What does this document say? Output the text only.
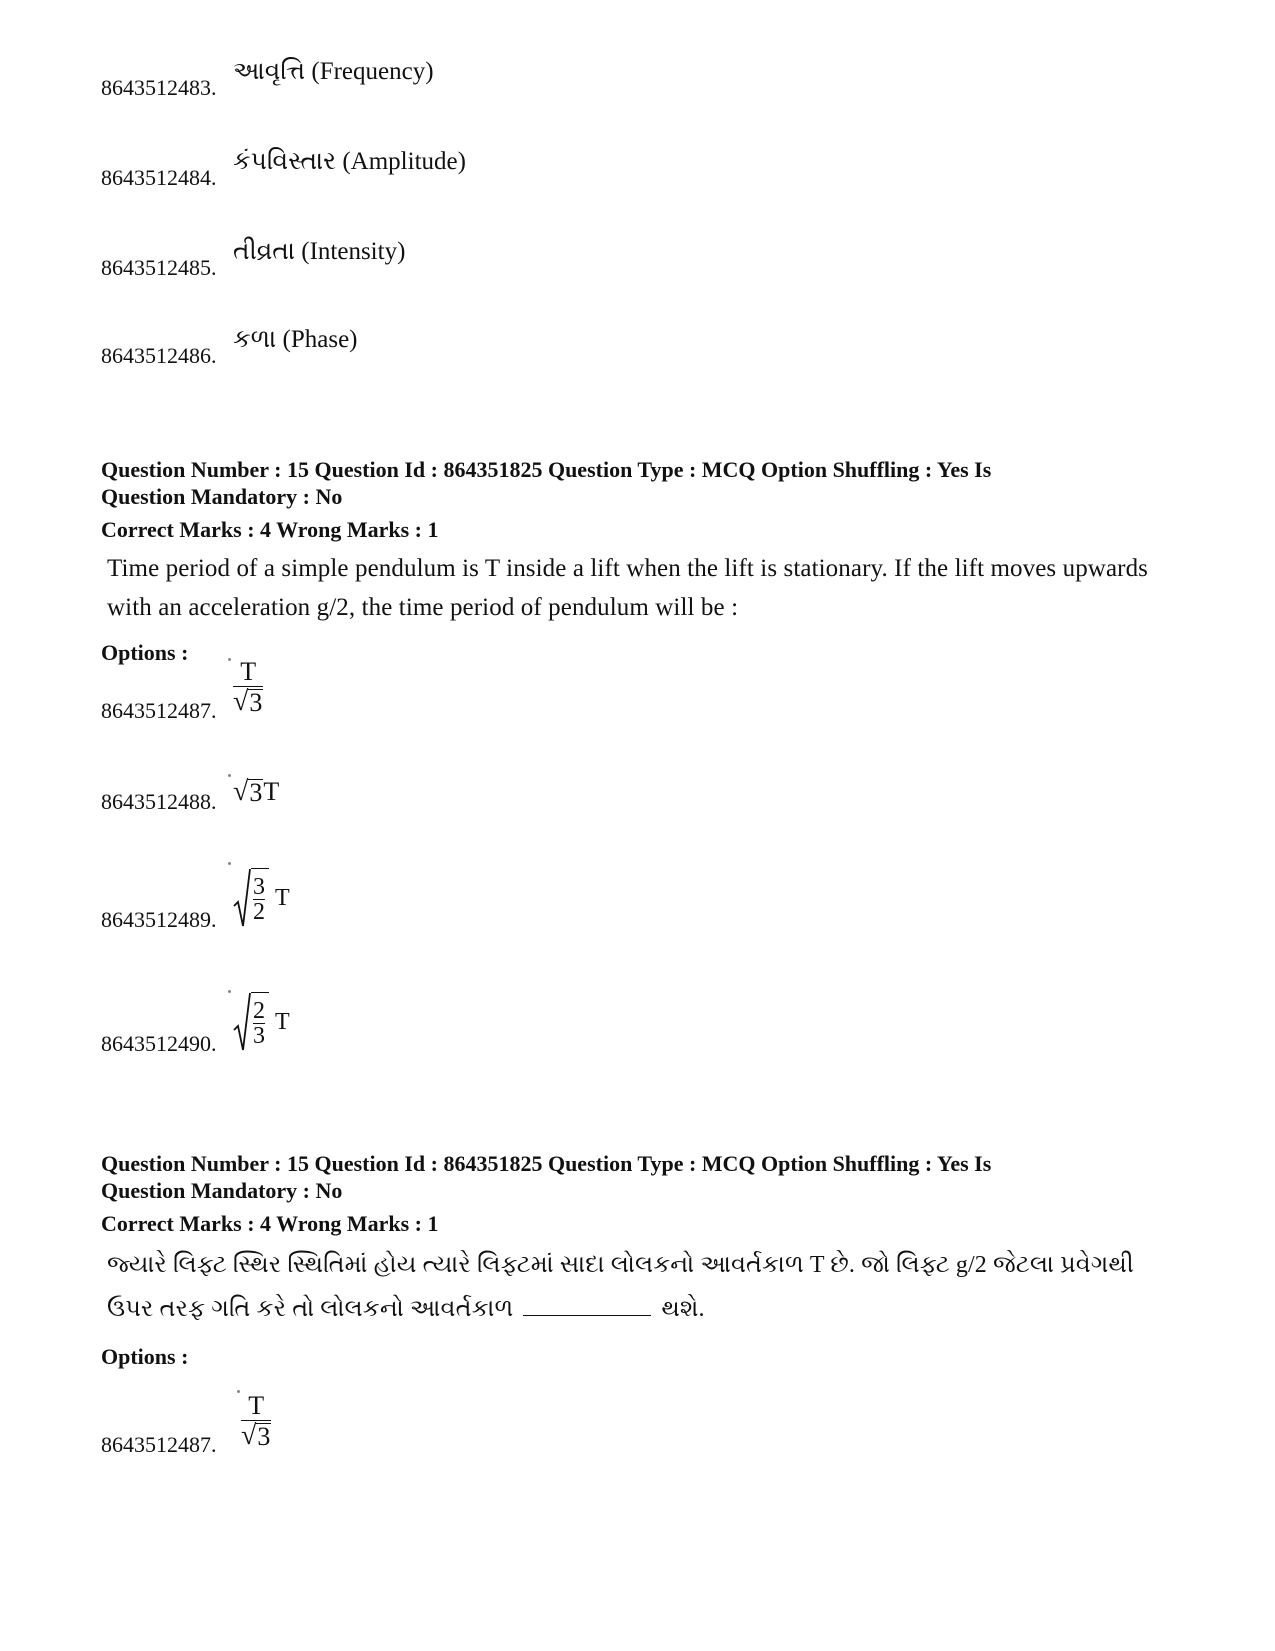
8643512483.
આવૃત્તિ (Frequency)
8643512484.
કંપવિસ્તાર (Amplitude)
8643512485.
તીવ્રતા (Intensity)
8643512486.
કળા (Phase)
Question Number : 15 Question Id : 864351825 Question Type : MCQ Option Shuffling : Yes Is
Question Mandatory : No
Correct Marks : 4 Wrong Marks : 1
Time period of a simple pendulum is T inside a lift when the lift is stationary. If the lift moves upwards with an acceleration g/2, the time period of pendulum will be :
Options :
8643512487. $\frac{T}{√ 3}$
8643512488. √ 3 T
8643512489.	$\frac{3}{2}$ T
8643512490.	$\frac{2}{3}$ T
Question Number : 15 Question Id : 864351825 Question Type : MCQ Option Shuffling : Yes Is
Question Mandatory : No
Correct Marks : 4 Wrong Marks : 1
જ્યારે લિફ્ટ સ્થિર સ્થિતિમાં હોય ત્યારે લિફ્ટમાં સાદા લોલકનો આવર્તકાળ T છે. જો લિફ્ટ g/2 જેટલા પ્રવેગથી ઉપર તરફ ગતિ કરે તો લોલકનો આવર્તકાળ	થશે.
Options :
8643512487. $\frac{T}{√ 3}$
